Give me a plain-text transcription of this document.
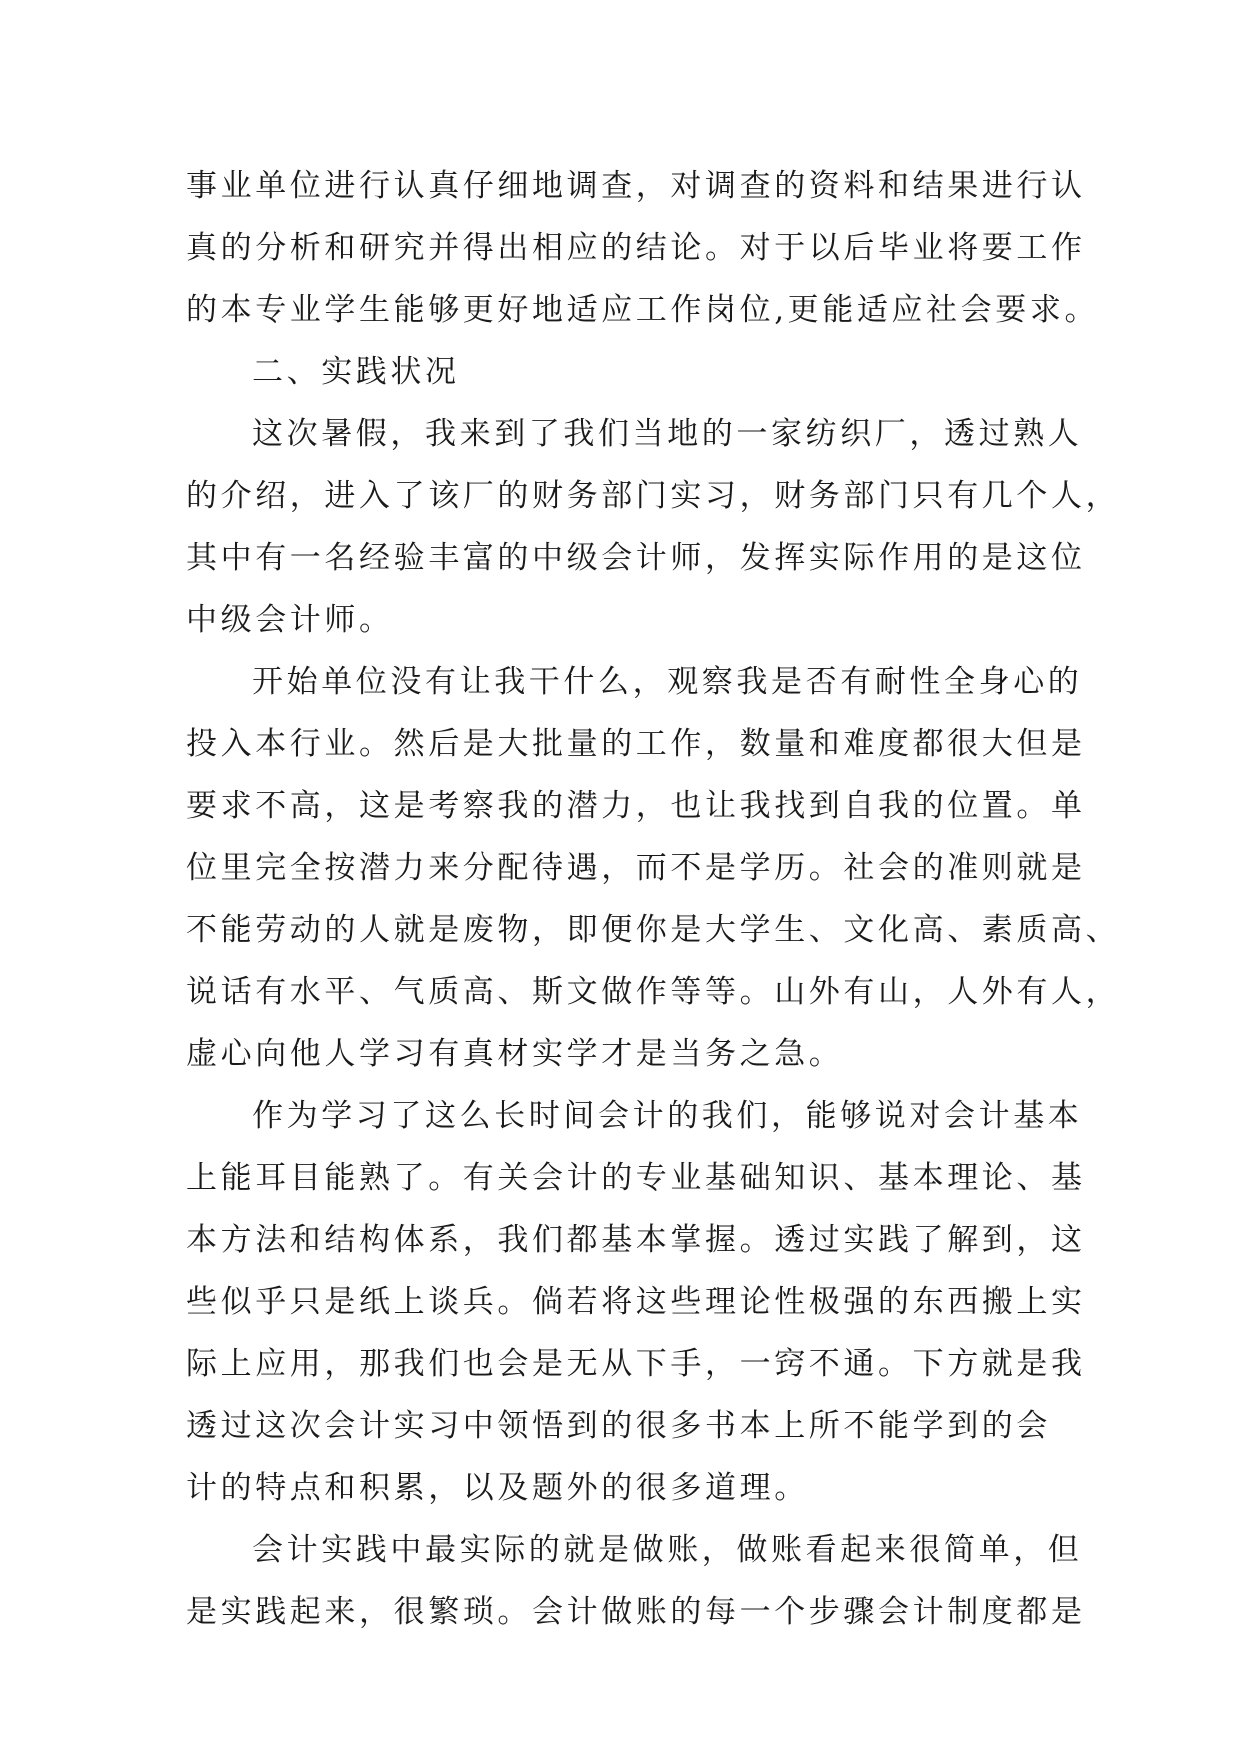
事业单位进行认真仔细地调查，对调查的资料和结果进行认
真的分析和研究并得出相应的结论。对于以后毕业将要工作
的本专业学生能够更好地适应工作岗位,更能适应社会要求。
二、实践状况
这次暑假，我来到了我们当地的一家纺织厂，透过熟人
的介绍，进入了该厂的财务部门实习，财务部门只有几个人，
其中有一名经验丰富的中级会计师，发挥实际作用的是这位
中级会计师。
开始单位没有让我干什么，观察我是否有耐性全身心的
投入本行业。然后是大批量的工作，数量和难度都很大但是
要求不高，这是考察我的潜力，也让我找到自我的位置。单
位里完全按潜力来分配待遇，而不是学历。社会的准则就是
不能劳动的人就是废物，即便你是大学生、文化高、素质高、
说话有水平、气质高、斯文做作等等。山外有山，人外有人，
虚心向他人学习有真材实学才是当务之急。
作为学习了这么长时间会计的我们，能够说对会计基本
上能耳目能熟了。有关会计的专业基础知识、基本理论、基
本方法和结构体系，我们都基本掌握。透过实践了解到，这
些似乎只是纸上谈兵。倘若将这些理论性极强的东西搬上实
际上应用，那我们也会是无从下手，一窍不通。下方就是我
透过这次会计实习中领悟到的很多书本上所不能学到的会
计的特点和积累，以及题外的很多道理。
会计实践中最实际的就是做账，做账看起来很简单，但
是实践起来，很繁琐。会计做账的每一个步骤会计制度都是
